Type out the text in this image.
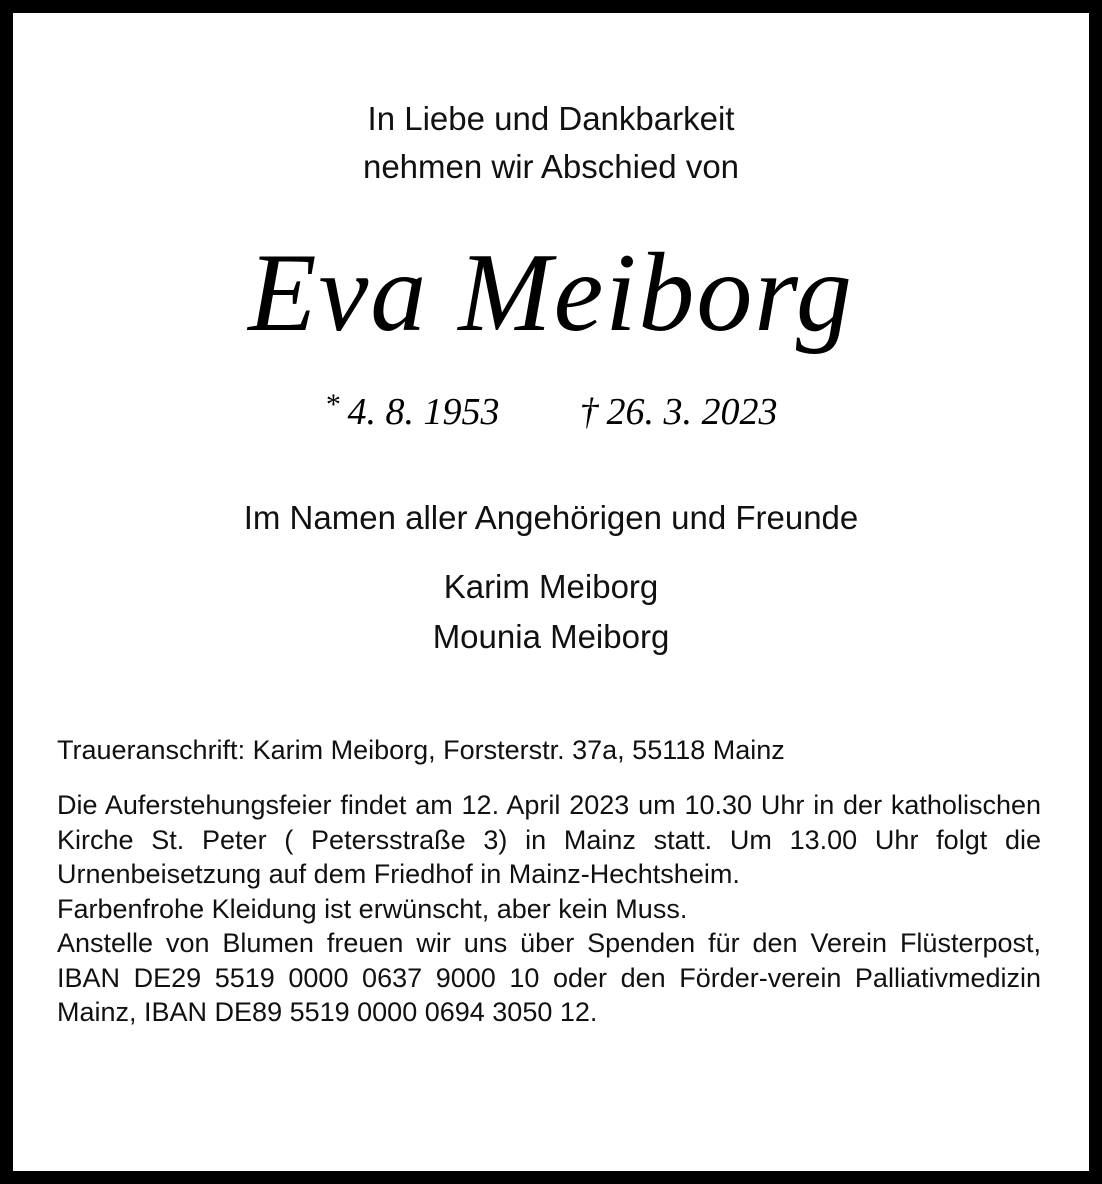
In Liebe und Dankbarkeit
nehmen wir Abschied von
Eva Meiborg
* 4. 8. 1953 † 26. 3. 2023
Im Namen aller Angehörigen und Freunde
Karim Meiborg
Mounia Meiborg
Traueranschrift: Karim Meiborg, Forsterstr. 37a, 55118 Mainz

Die Auferstehungsfeier findet am 12. April 2023 um 10.30 Uhr in der katholischen Kirche St. Peter ( Petersstraße 3) in Mainz statt. Um 13.00 Uhr folgt die Urnenbeisetzung auf dem Friedhof in Mainz-Hechtsheim.

Farbenfrohe Kleidung ist erwünscht, aber kein Muss.

Anstelle von Blumen freuen wir uns über Spenden für den Verein Flüsterpost, IBAN DE29 5519 0000 0637 9000 10 oder den Förder-verein Palliativmedizin Mainz, IBAN DE89 5519 0000 0694 3050 12.
